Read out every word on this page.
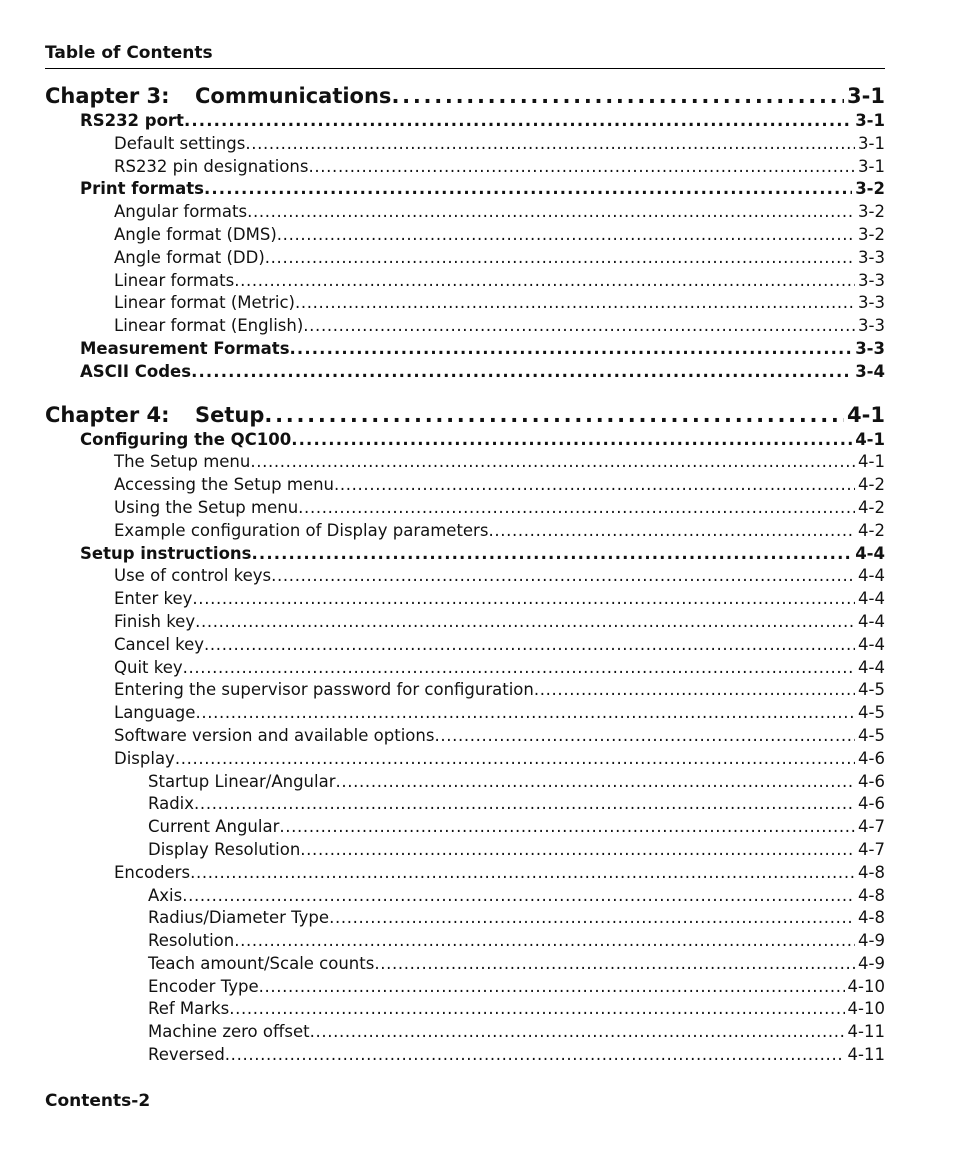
Table of Contents
Chapter 3: Communications . . .	3-1
RS232 port . . .	3-1
Default settings . . .	3-1
RS232 pin designations . . .	3-1
Print formats . . .	3-2
Angular formats . . .	3-2
Angle format (DMS) . . .	3-2
Angle format (DD) . . .	3-3
Linear formats . . .	3-3
Linear format (Metric) . . .	3-3
Linear format (English) . . .	3-3
Measurement Formats . . .	3-3
ASCII Codes . . .	3-4
Chapter 4: Setup . . .	4-1
Configuring the QC100 . . .	4-1
The Setup menu . . .	4-1
Accessing the Setup menu . . .	4-2
Using the Setup menu . . .	4-2
Example configuration of Display parameters . . .	4-2
Setup instructions . . .	4-4
Use of control keys . . .	4-4
Enter key . . .	4-4
Finish key . . .	4-4
Cancel key . . .	4-4
Quit key . . .	4-4
Entering the supervisor password for configuration . . .	4-5
Language . . .	4-5
Software version and available options . . .	4-5
Display . . .	4-6
Startup Linear/Angular . . .	4-6
Radix . . .	4-6
Current Angular . . .	4-7
Display Resolution . . .	4-7
Encoders . . .	4-8
Axis . . .	4-8
Radius/Diameter Type . . .	4-8
Resolution . . .	4-9
Teach amount/Scale counts . . .	4-9
Encoder Type . . .	4-10
Ref Marks . . .	4-10
Machine zero offset . . .	4-11
Reversed . . .	4-11
Contents-2
